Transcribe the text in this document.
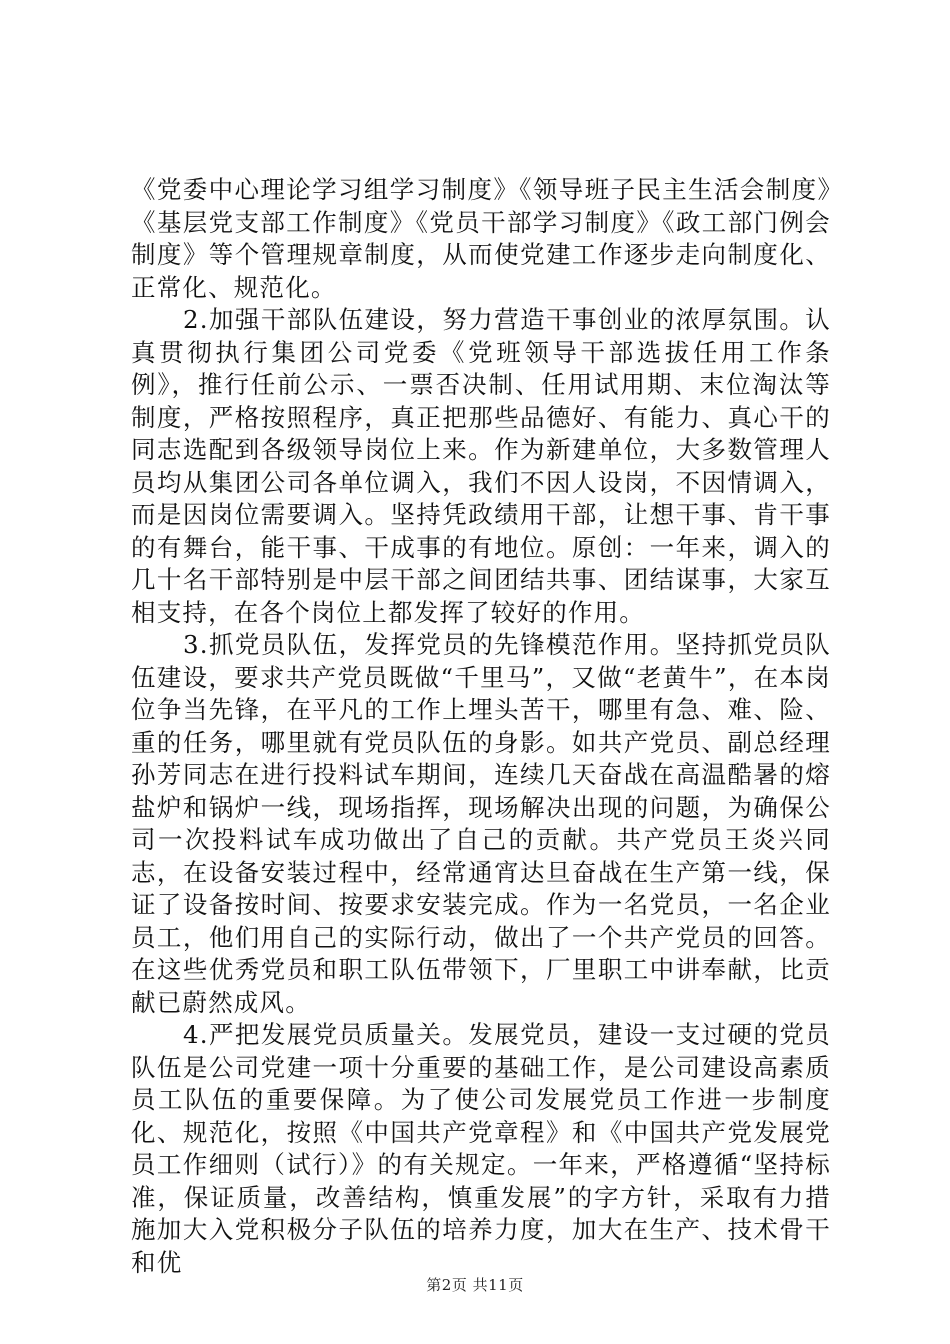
《党委中心理论学习组学习制度》《领导班子民主生活会制度》《基层党支部工作制度》《党员干部学习制度》《政工部门例会制度》等个管理规章制度，从而使党建工作逐步走向制度化、正常化、规范化。

2.加强干部队伍建设，努力营造干事创业的浓厚氛围。认真贯彻执行集团公司党委《党班领导干部选拔任用工作条例》，推行任前公示、一票否决制、任用试用期、末位淘汰等制度，严格按照程序，真正把那些品德好、有能力、真心干的同志选配到各级领导岗位上来。作为新建单位，大多数管理人员均从集团公司各单位调入，我们不因人设岗，不因情调入，而是因岗位需要调入。坚持凭政绩用干部，让想干事、肯干事的有舞台，能干事、干成事的有地位。原创：一年来，调入的几十名干部特别是中层干部之间团结共事、团结谋事，大家互相支持，在各个岗位上都发挥了较好的作用。

3.抓党员队伍，发挥党员的先锋模范作用。坚持抓党员队伍建设，要求共产党员既做“千里马”，又做“老黄牛”，在本岗位争当先锋，在平凡的工作上埋头苦干，哪里有急、难、险、重的任务，哪里就有党员队伍的身影。如共产党员、副总经理孙芳同志在进行投料试车期间，连续几天奋战在高温酷暑的熔盐炉和锅炉一线，现场指挥，现场解决出现的问题，为确保公司一次投料试车成功做出了自己的贡献。共产党员王炎兴同志，在设备安装过程中，经常通宵达旦奋战在生产第一线，保证了设备按时间、按要求安装完成。作为一名党员，一名企业员工，他们用自己的实际行动，做出了一个共产党员的回答。在这些优秀党员和职工队伍带领下，厂里职工中讲奉献，比贡献已蔚然成风。

4.严把发展党员质量关。发展党员，建设一支过硬的党员队伍是公司党建一项十分重要的基础工作，是公司建设高素质员工队伍的重要保障。为了使公司发展党员工作进一步制度化、规范化，按照《中国共产党章程》和《中国共产党发展党员工作细则（试行）》的有关规定。一年来，严格遵循“坚持标准，保证质量，改善结构，慎重发展”的字方针，采取有力措施加大入党积极分子队伍的培养力度，加大在生产、技术骨干和优

第2页 共11页
